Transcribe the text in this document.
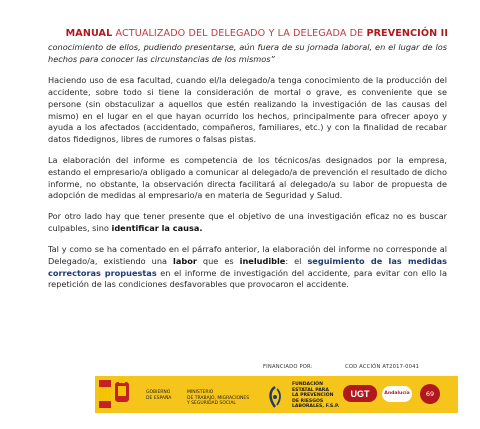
MANUAL ACTUALIZADO DEL DELEGADO Y LA DELEGADA DE PREVENCIÓN II

conocimiento de ellos, pudiendo presentarse, aún fuera de su jornada laboral, en el lugar de los hechos para conocer las circunstancias de los mismos”

Haciendo uso de esa facultad, cuando el/la delegado/a tenga conocimiento de la producción del accidente, sobre todo si tiene la consideración de mortal o grave, es conveniente que se persone (sin obstaculizar a aquellos que estén realizando la investigación de las causas del mismo) en el lugar en el que hayan ocurrido los hechos, principalmente para ofrecer apoyo y ayuda a los afectados (accidentado, compañeros, familiares, etc.) y con la finalidad de recabar datos fidedignos, libres de rumores o falsas pistas.

La elaboración del informe es competencia de los técnicos/as designados por la empresa, estando el empresario/a obligado a comunicar al delegado/a de prevención el resultado de dicho informe, no obstante, la observación directa facilitará al delegado/a su labor de propuesta de adopción de medidas al empresario/a en materia de Seguridad y Salud.

Por otro lado hay que tener presente que el objetivo de una investigación eficaz no es buscar culpables, sino identificar la causa.

Tal y como se ha comentado en el párrafo anterior, la elaboración del informe no corresponde al Delegado/a, existiendo una labor que es ineludible: el seguimiento de las medidas correctoras propuestas en el informe de investigación del accidente, para evitar con ello la repetición de las condiciones desfavorables que provocaron el accidente.

FINANCIADO POR:	COD ACCIÓN AT2017-0041
GOBIERNO
DE ESPAÑA
MINISTERIO
DE TRABAJO, MIGRACIONES
Y SEGURIDAD SOCIAL
FUNDACIÓN
ESTATAL PARA
LA PREVENCIÓN
DE RIESGOS
LABORALES, F.S.P.
UGT	Andalucía	69
